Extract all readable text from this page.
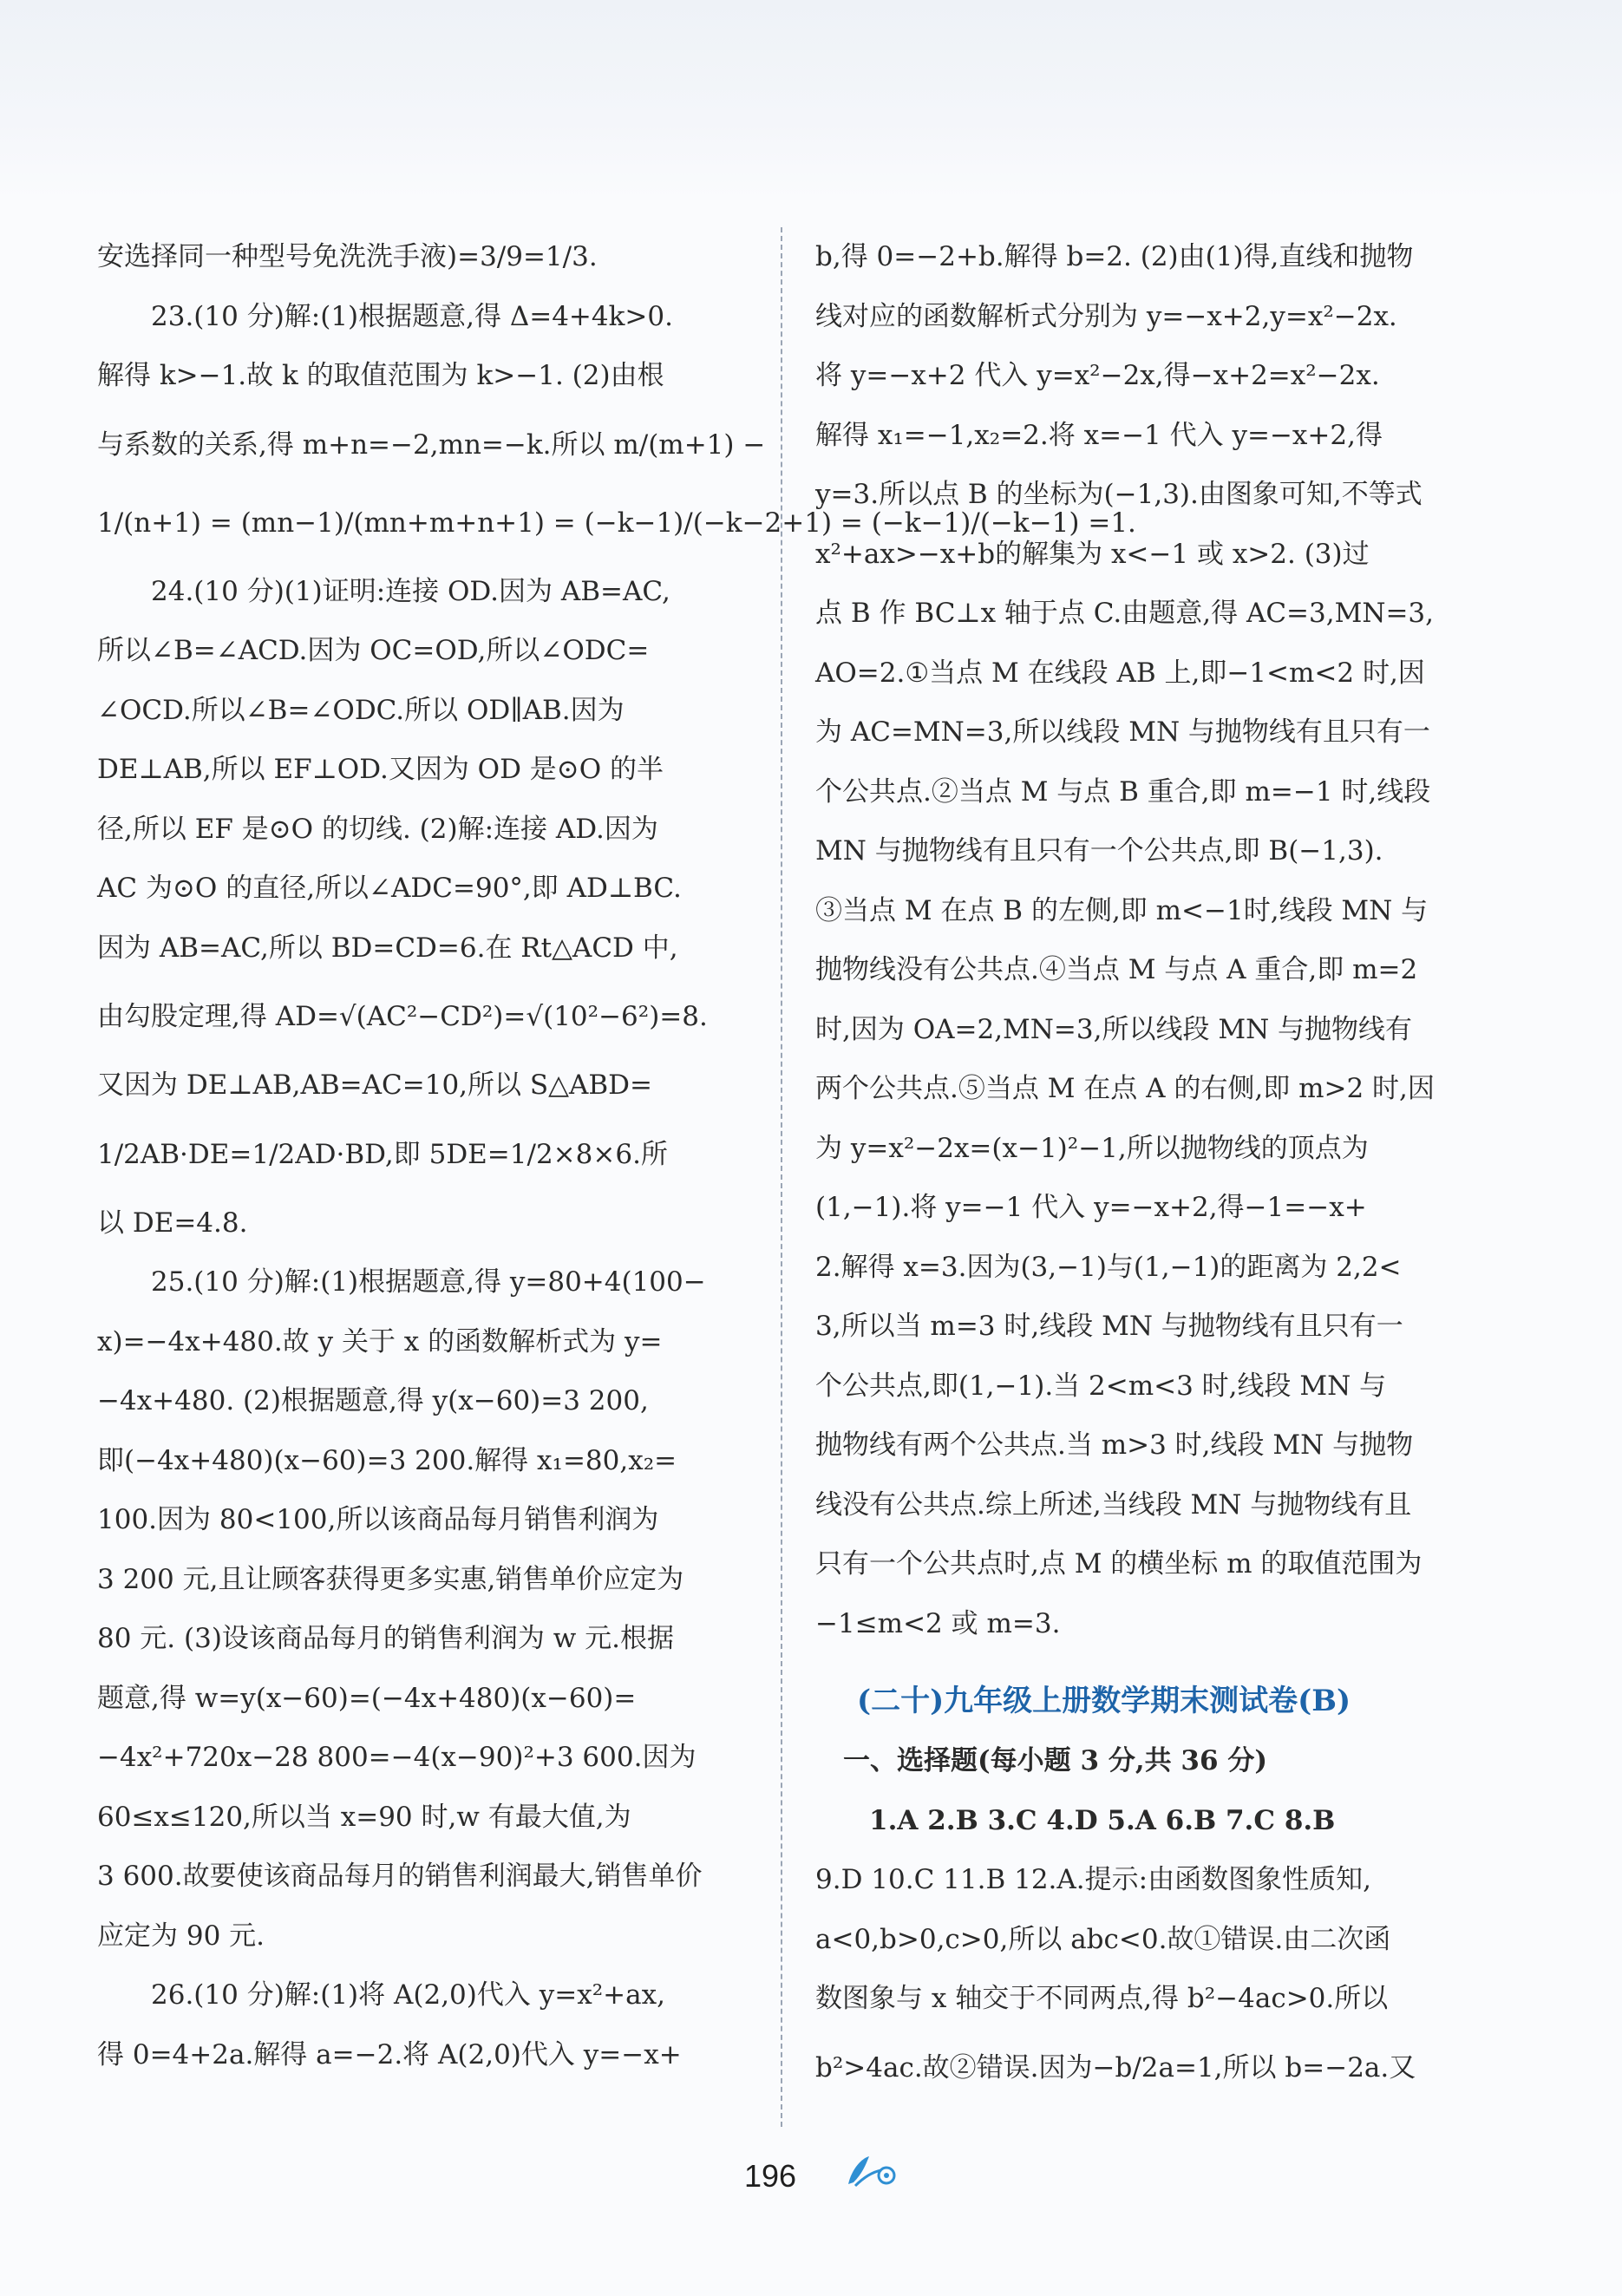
安选择同一种型号免洗洗手液)=3/9=1/3.
23.(10 分)解:(1)根据题意,得 Δ=4+4k>0.
解得 k>−1.故 k 的取值范围为 k>−1. (2)由根
与系数的关系,得 m+n=−2,mn=−k.所以 m/(m+1) −
1/(n+1) = (mn−1)/(mn+m+n+1) = (−k−1)/(−k−2+1) = (−k−1)/(−k−1) =1.
24.(10 分)(1)证明:连接 OD.因为 AB=AC,
所以∠B=∠ACD.因为 OC=OD,所以∠ODC=
∠OCD.所以∠B=∠ODC.所以 OD∥AB.因为
DE⊥AB,所以 EF⊥OD.又因为 OD 是⊙O 的半
径,所以 EF 是⊙O 的切线. (2)解:连接 AD.因为
AC 为⊙O 的直径,所以∠ADC=90°,即 AD⊥BC.
因为 AB=AC,所以 BD=CD=6.在 Rt△ACD 中,
由勾股定理,得 AD=√(AC²−CD²)=√(10²−6²)=8.
又因为 DE⊥AB,AB=AC=10,所以 S△ABD=
1/2AB·DE=1/2AD·BD,即 5DE=1/2×8×6.所
以 DE=4.8.
25.(10 分)解:(1)根据题意,得 y=80+4(100−
x)=−4x+480.故 y 关于 x 的函数解析式为 y=
−4x+480. (2)根据题意,得 y(x−60)=3 200,
即(−4x+480)(x−60)=3 200.解得 x₁=80,x₂=
100.因为 80<100,所以该商品每月销售利润为
3 200 元,且让顾客获得更多实惠,销售单价应定为
80 元. (3)设该商品每月的销售利润为 w 元.根据
题意,得 w=y(x−60)=(−4x+480)(x−60)=
−4x²+720x−28 800=−4(x−90)²+3 600.因为
60≤x≤120,所以当 x=90 时,w 有最大值,为
3 600.故要使该商品每月的销售利润最大,销售单价
应定为 90 元.
26.(10 分)解:(1)将 A(2,0)代入 y=x²+ax,
得 0=4+2a.解得 a=−2.将 A(2,0)代入 y=−x+
b,得 0=−2+b.解得 b=2. (2)由(1)得,直线和抛物
线对应的函数解析式分别为 y=−x+2,y=x²−2x.
将 y=−x+2 代入 y=x²−2x,得−x+2=x²−2x.
解得 x₁=−1,x₂=2.将 x=−1 代入 y=−x+2,得
y=3.所以点 B 的坐标为(−1,3).由图象可知,不等式
x²+ax>−x+b的解集为 x<−1 或 x>2. (3)过
点 B 作 BC⊥x 轴于点 C.由题意,得 AC=3,MN=3,
AO=2.①当点 M 在线段 AB 上,即−1<m<2 时,因
为 AC=MN=3,所以线段 MN 与抛物线有且只有一
个公共点.②当点 M 与点 B 重合,即 m=−1 时,线段
MN 与抛物线有且只有一个公共点,即 B(−1,3).
③当点 M 在点 B 的左侧,即 m<−1时,线段 MN 与
抛物线没有公共点.④当点 M 与点 A 重合,即 m=2
时,因为 OA=2,MN=3,所以线段 MN 与抛物线有
两个公共点.⑤当点 M 在点 A 的右侧,即 m>2 时,因
为 y=x²−2x=(x−1)²−1,所以抛物线的顶点为
(1,−1).将 y=−1 代入 y=−x+2,得−1=−x+
2.解得 x=3.因为(3,−1)与(1,−1)的距离为 2,2<
3,所以当 m=3 时,线段 MN 与抛物线有且只有一
个公共点,即(1,−1).当 2<m<3 时,线段 MN 与
抛物线有两个公共点.当 m>3 时,线段 MN 与抛物
线没有公共点.综上所述,当线段 MN 与抛物线有且
只有一个公共点时,点 M 的横坐标 m 的取值范围为
−1≤m<2 或 m=3.
(二十)九年级上册数学期末测试卷(B)
一、选择题(每小题 3 分,共 36 分)
1.A 2.B 3.C 4.D 5.A 6.B 7.C 8.B
9.D 10.C 11.B 12.A.提示:由函数图象性质知,
a<0,b>0,c>0,所以 abc<0.故①错误.由二次函
数图象与 x 轴交于不同两点,得 b²−4ac>0.所以
b²>4ac.故②错误.因为−b/2a=1,所以 b=−2a.又
196
